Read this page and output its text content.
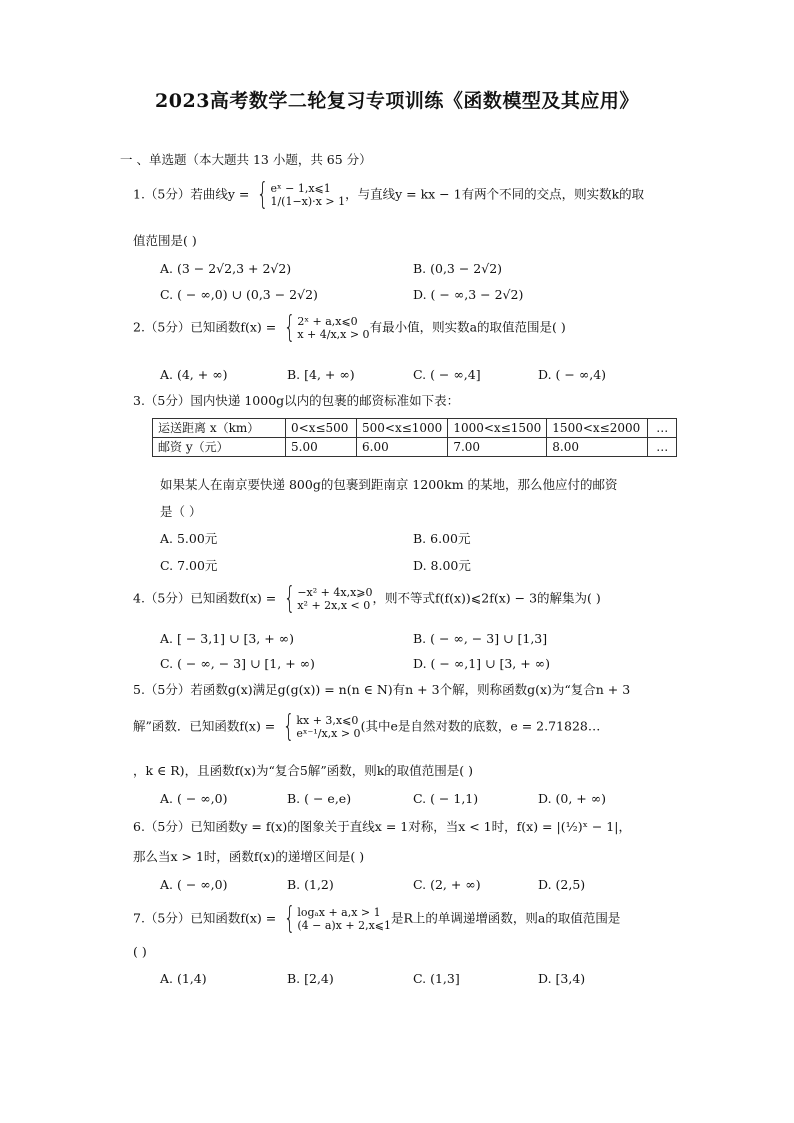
2023高考数学二轮复习专项训练《函数模型及其应用》
一 、单选题（本大题共 13 小题，共 65 分）
1.（5分）若曲线y = { eˣ − 1,x⩽1
1/(1−x)·x > 1 ，与直线y = kx − 1有两个不同的交点，则实数k的取
值范围是( )
A. (3 − 2√2,3 + 2√2)	B. (0,3 − 2√2)
C. ( − ∞,0) ∪ (0,3 − 2√2)	D. ( − ∞,3 − 2√2)
2.（5分）已知函数f(x) = { 2ˣ + a,x⩽0
x + 4/x,x > 0 有最小值，则实数a的取值范围是( )
A. (4, + ∞)	B. [4, + ∞)	C. ( − ∞,4]	D. ( − ∞,4)
3.（5分）国内快递 1000g以内的包裹的邮资标准如下表：
运送距离 x（km）	0<x≤500	500<x≤1000	1000<x≤1500	1500<x≤2000	…
邮资 y（元）	5.00	6.00	7.00	8.00	…
如果某人在南京要快递 800g的包裹到距南京 1200km 的某地，那么他应付的邮资
是（ ）
A. 5.00元	B. 6.00元
C. 7.00元	D. 8.00元
4.（5分）已知函数f(x) = { −x² + 4x,x⩾0
x² + 2x,x < 0 ，则不等式f(f(x))⩽2f(x) − 3的解集为( )
A. [ − 3,1] ∪ [3, + ∞)	B. ( − ∞, − 3] ∪ [1,3]
C. ( − ∞, − 3] ∪ [1, + ∞)	D. ( − ∞,1] ∪ [3, + ∞)
5.（5分）若函数g(x)满足g(g(x)) = n(n ∈ N)有n + 3个解，则称函数g(x)为“复合n + 3
解”函数．已知函数f(x) = { kx + 3,x⩽0
eˣ⁻¹/x,x > 0 (其中e是自然对数的底数，e = 2.71828…
，k ∈ R)，且函数f(x)为“复合5解”函数，则k的取值范围是( )
A. ( − ∞,0)	B. ( − e,e)	C. ( − 1,1)	D. (0, + ∞)
6.（5分）已知函数y = f(x)的图象关于直线x = 1对称，当x < 1时，f(x) = |(½)ˣ − 1|，
那么当x > 1时，函数f(x)的递增区间是( )
A. ( − ∞,0)	B. (1,2)	C. (2, + ∞)	D. (2,5)
7.（5分）已知函数f(x) = { logₐx + a,x > 1
(4 − a)x + 2,x⩽1 是R上的单调递增函数，则a的取值范围是
( )
A. (1,4)	B. [2,4)	C. (1,3]	D. [3,4)
